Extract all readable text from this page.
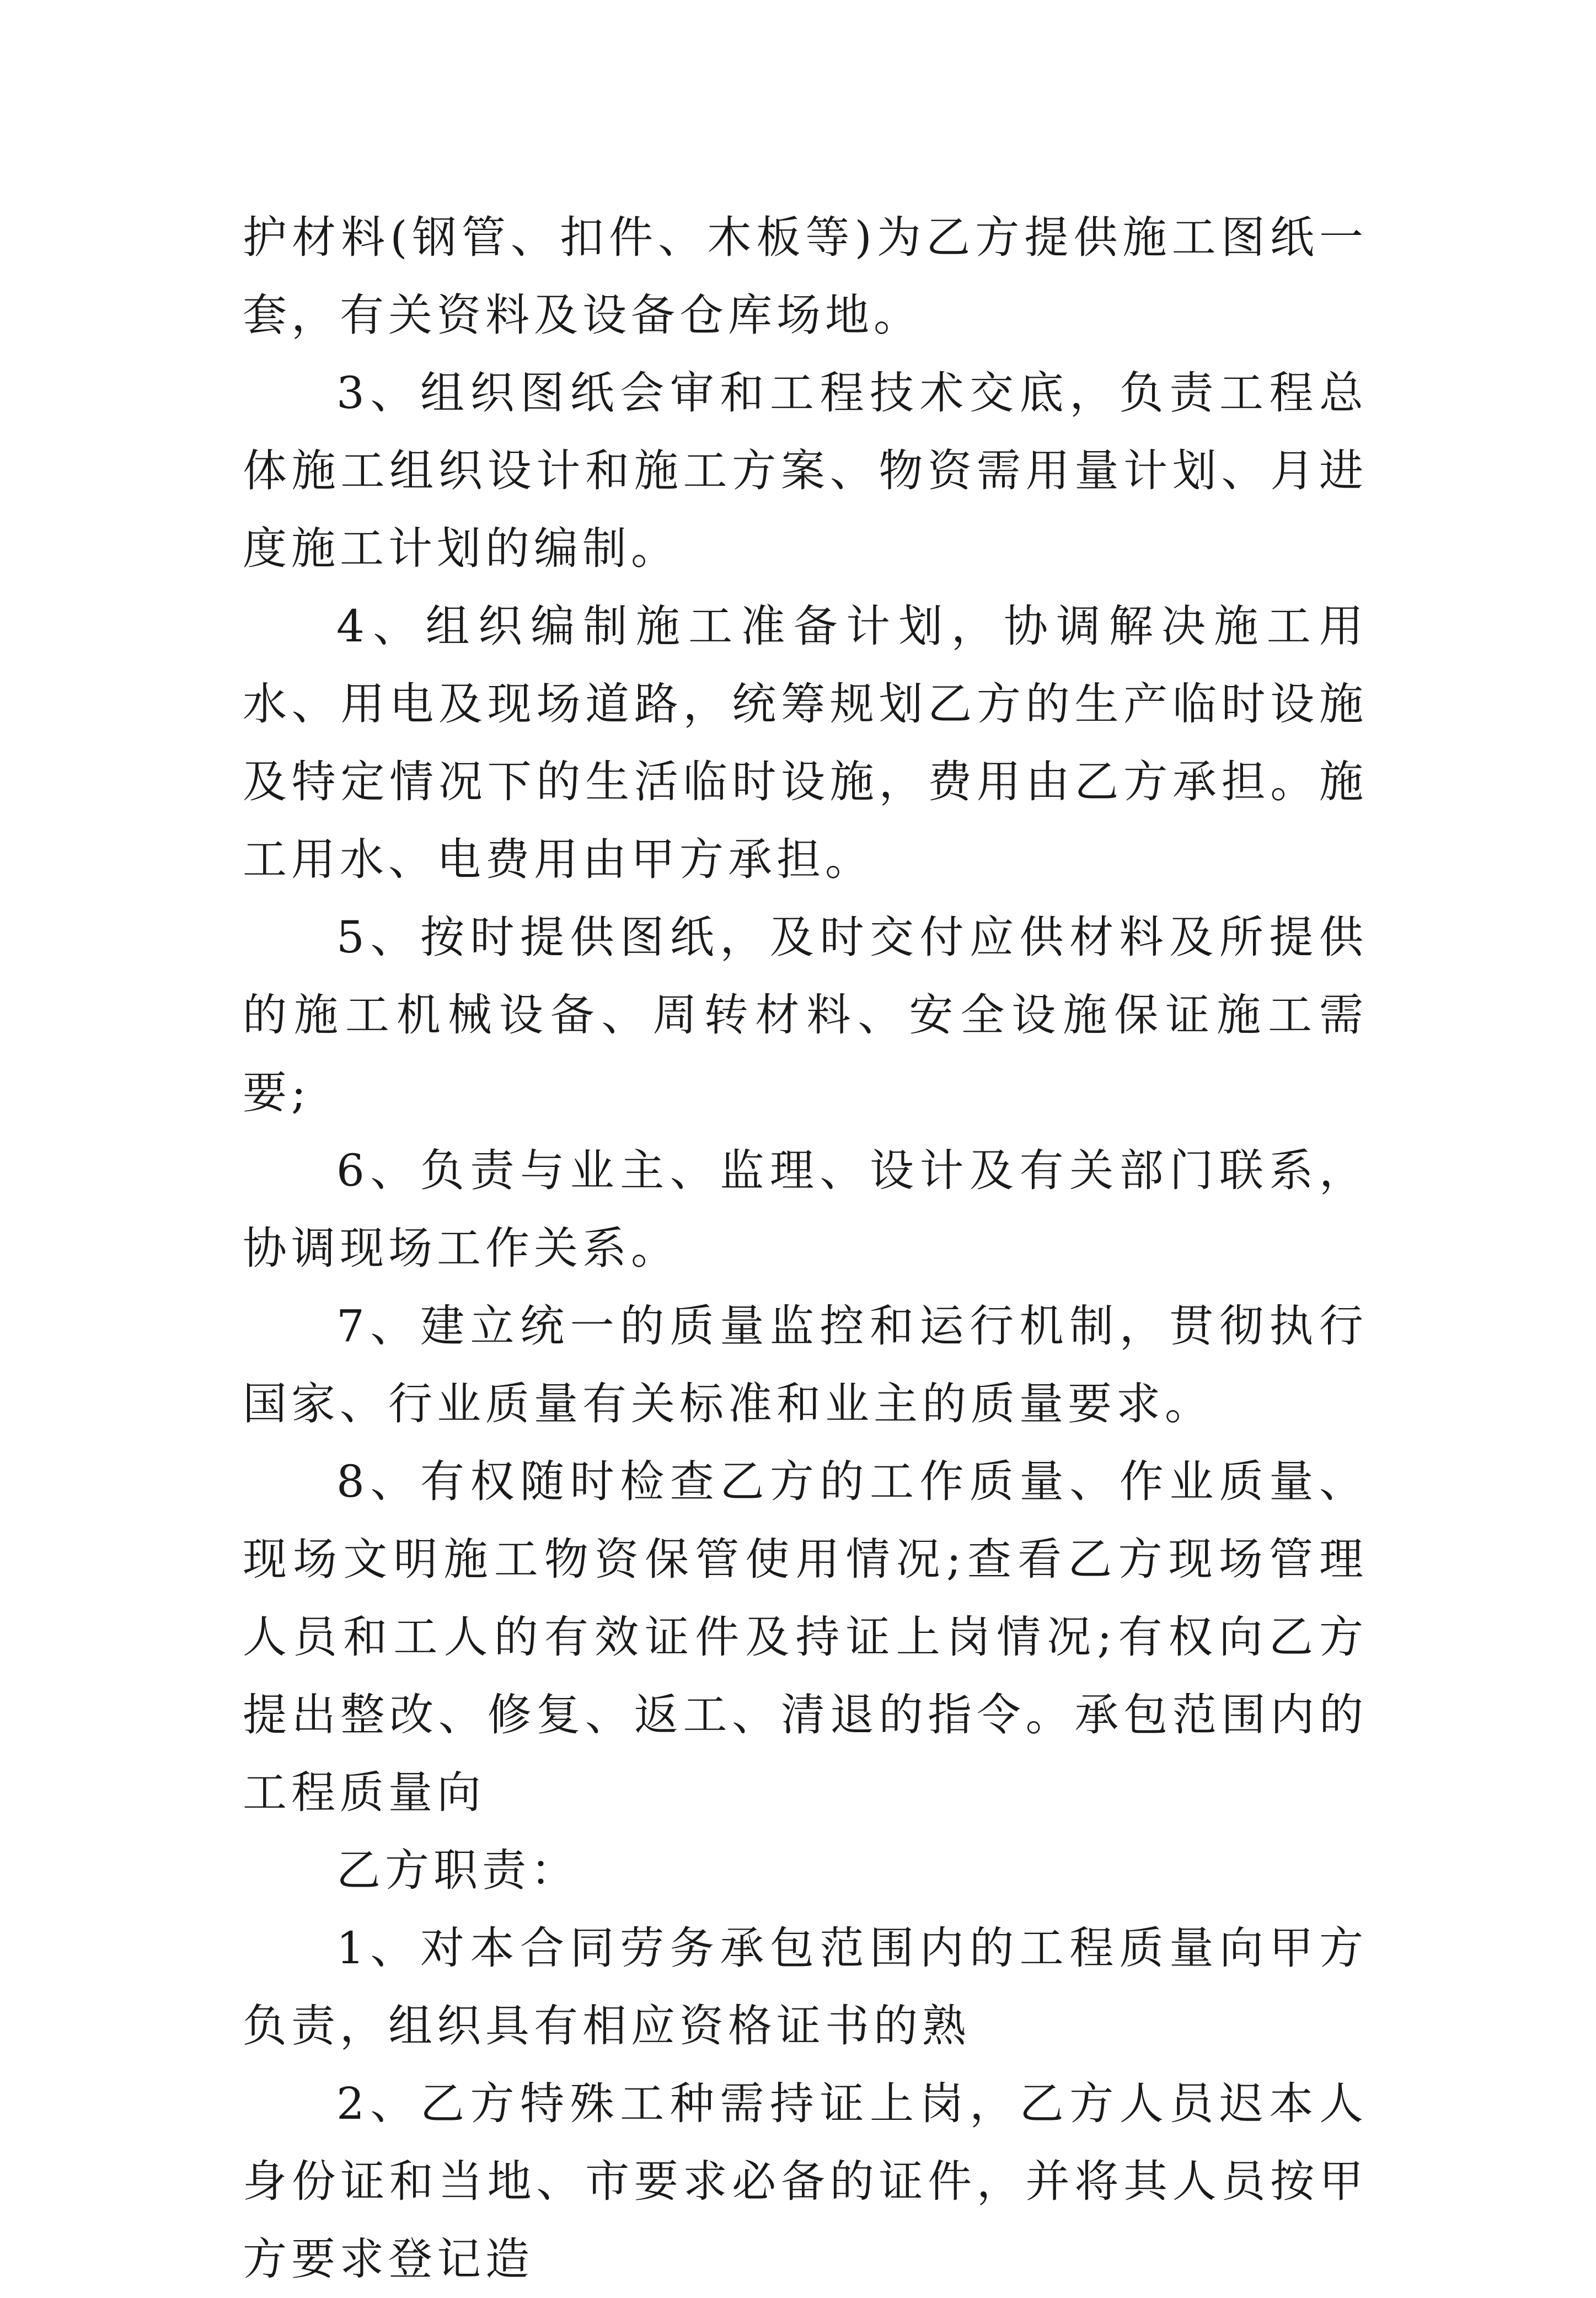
护材料(钢管、扣件、木板等)为乙方提供施工图纸一套，有关资料及设备仓库场地。

3、组织图纸会审和工程技术交底，负责工程总体施工组织设计和施工方案、物资需用量计划、月进度施工计划的编制。

4、组织编制施工准备计划，协调解决施工用水、用电及现场道路，统筹规划乙方的生产临时设施及特定情况下的生活临时设施，费用由乙方承担。施工用水、电费用由甲方承担。

5、按时提供图纸，及时交付应供材料及所提供的施工机械设备、周转材料、安全设施保证施工需要;

6、负责与业主、监理、设计及有关部门联系，协调现场工作关系。

7、建立统一的质量监控和运行机制，贯彻执行国家、行业质量有关标准和业主的质量要求。

8、有权随时检查乙方的工作质量、作业质量、现场文明施工物资保管使用情况;查看乙方现场管理人员和工人的有效证件及持证上岗情况;有权向乙方提出整改、修复、返工、清退的指令。承包范围内的工程质量向

乙方职责：

1、对本合同劳务承包范围内的工程质量向甲方负责，组织具有相应资格证书的熟

2、乙方特殊工种需持证上岗，乙方人员迟本人身份证和当地、市要求必备的证件，并将其人员按甲方要求登记造
